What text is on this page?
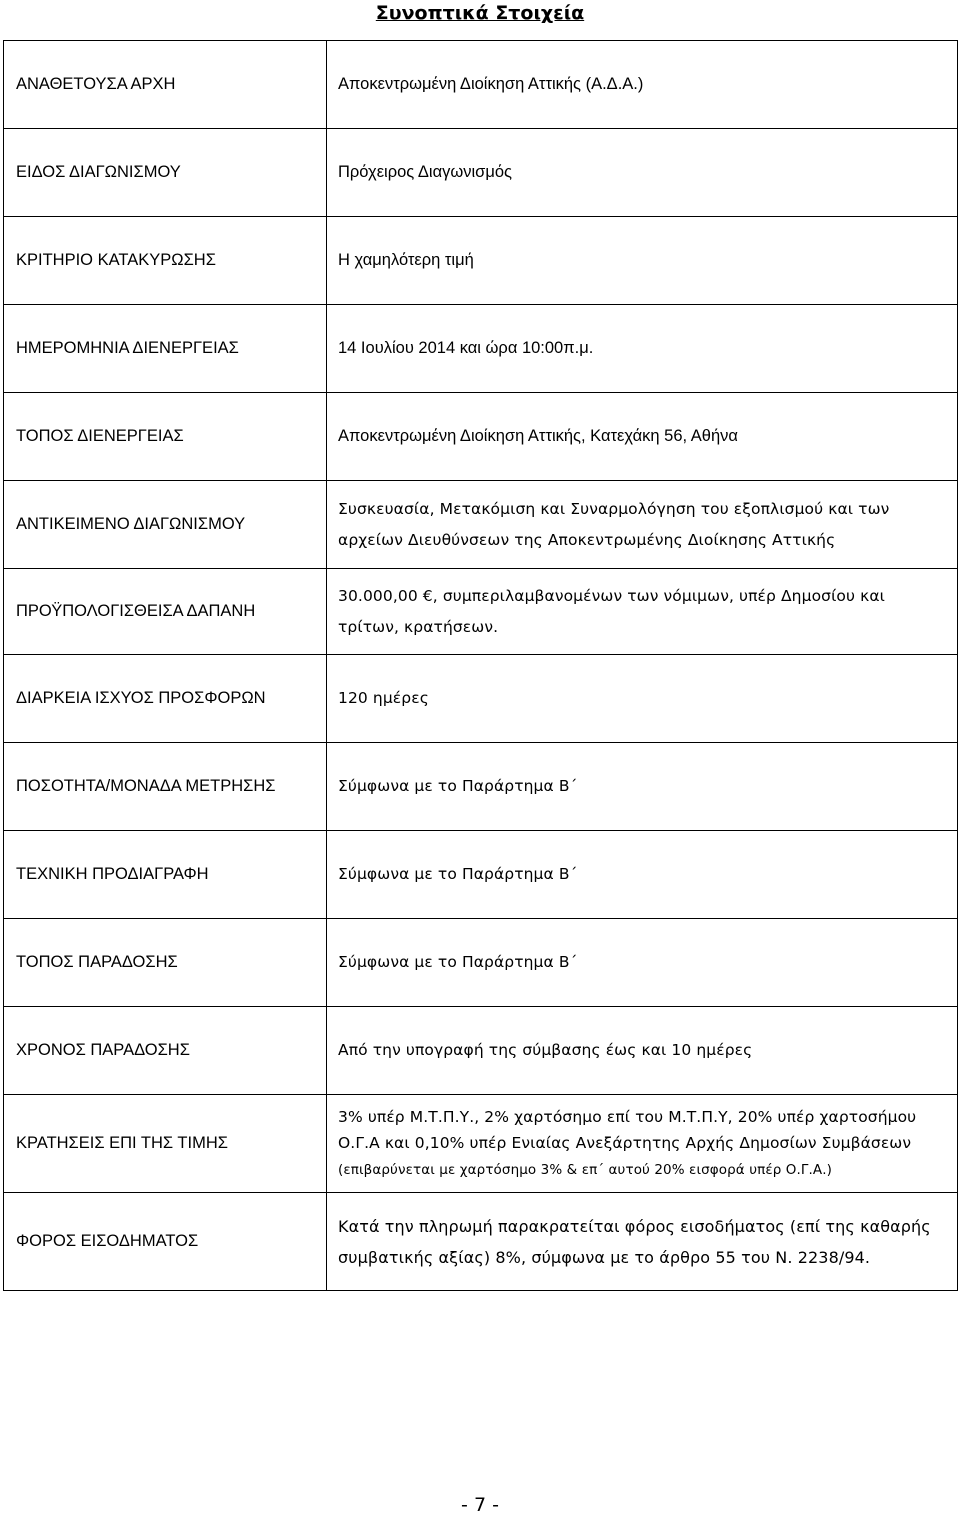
Συνοπτικά Στοιχεία
ΑΝΑΘΕΤΟΥΣΑ ΑΡΧΗ	Αποκεντρωμένη Διοίκηση Αττικής (Α.Δ.Α.)
ΕΙΔΟΣ ΔΙΑΓΩΝΙΣΜΟΥ	Πρόχειρος Διαγωνισμός
ΚΡΙΤΗΡΙΟ ΚΑΤΑΚΥΡΩΣΗΣ	Η χαμηλότερη τιμή
ΗΜΕΡΟΜΗΝΙΑ ΔΙΕΝΕΡΓΕΙΑΣ	14 Ιουλίου 2014 και ώρα 10:00π.μ.
ΤΟΠΟΣ ΔΙΕΝΕΡΓΕΙΑΣ	Αποκεντρωμένη Διοίκηση Αττικής, Κατεχάκη 56, Αθήνα
ΑΝΤΙΚΕΙΜΕΝΟ ΔΙΑΓΩΝΙΣΜΟΥ	Συσκευασία, Μετακόμιση και Συναρμολόγηση του εξοπλισμού και των αρχείων Διευθύνσεων της Αποκεντρωμένης Διοίκησης Αττικής
ΠΡΟΫΠΟΛΟΓΙΣΘΕΙΣΑ ΔΑΠΑΝΗ	30.000,00 €, συμπεριλαμβανομένων των νόμιμων, υπέρ Δημοσίου και τρίτων, κρατήσεων.
ΔΙΑΡΚΕΙΑ ΙΣΧΥΟΣ ΠΡΟΣΦΟΡΩΝ	120 ημέρες
ΠΟΣΟΤΗΤΑ/ΜΟΝΑΔΑ ΜΕΤΡΗΣΗΣ	Σύμφωνα με το Παράρτημα Β΄
ΤΕΧΝΙΚΗ ΠΡΟΔΙΑΓΡΑΦΗ	Σύμφωνα με το Παράρτημα Β΄
ΤΟΠΟΣ ΠΑΡΑΔΟΣΗΣ	Σύμφωνα με το Παράρτημα Β΄
ΧΡΟΝΟΣ ΠΑΡΑΔΟΣΗΣ	Από την υπογραφή της σύμβασης έως και 10 ημέρες
ΚΡΑΤΗΣΕΙΣ ΕΠΙ ΤΗΣ ΤΙΜΗΣ	3% υπέρ Μ.Τ.Π.Υ., 2% χαρτόσημο επί του Μ.Τ.Π.Υ, 20% υπέρ χαρτοσήμου Ο.Γ.Α και 0,10% υπέρ Ενιαίας Ανεξάρτητης Αρχής Δημοσίων Συμβάσεων (επιβαρύνεται με χαρτόσημο 3% & επ΄ αυτού 20% εισφορά υπέρ Ο.Γ.Α.)
ΦΟΡΟΣ ΕΙΣΟΔΗΜΑΤΟΣ	Κατά την πληρωμή παρακρατείται φόρος εισοδήματος (επί της καθαρής συμβατικής αξίας) 8%, σύμφωνα με το άρθρο 55 του Ν. 2238/94.
- 7 -
